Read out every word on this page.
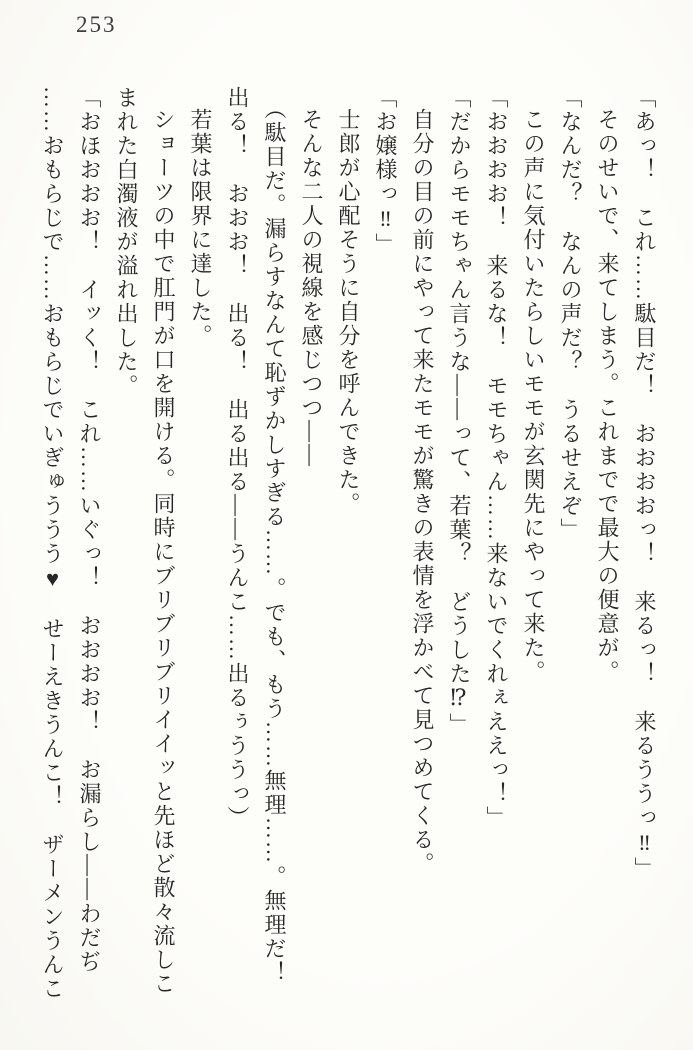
253

「あっ！　これ……駄目だ！　おおおおっ！　来るっ！　来るううっ‼」

そのせいで、来てしまう。これまでで最大の便意が。

「なんだ？　なんの声だ？　うるせえぞ」

この声に気付いたらしいモモが玄関先にやって来た。

「おおおお！　来るな！　モモちゃん……来ないでくれぇええっ！」

「だからモモちゃん言うな――って、若葉？　どうした⁉」

自分の目の前にやって来たモモが驚きの表情を浮かべて見つめてくる。

「お嬢様っ‼」

士郎が心配そうに自分を呼んできた。

そんな二人の視線を感じつつ――

（駄目だ。漏らすなんて恥ずかしすぎる……。でも、もう……無理……。無理だ！

出る！　おおお！　出る！　出る出る――うんこ……出るぅううっ）

若葉は限界に達した。

ショーツの中で肛門が口を開ける。同時にブリブリブリイイッと先ほど散々流しこ

まれた白濁液が溢れ出した。

「おほおおお！　イッく！　これ……いぐっ！　おおおお！　お漏らし――わだぢ

……おもらじで……おもらじでいぎゅううう♥　せーえきうんこ！　ザーメンうんこ
